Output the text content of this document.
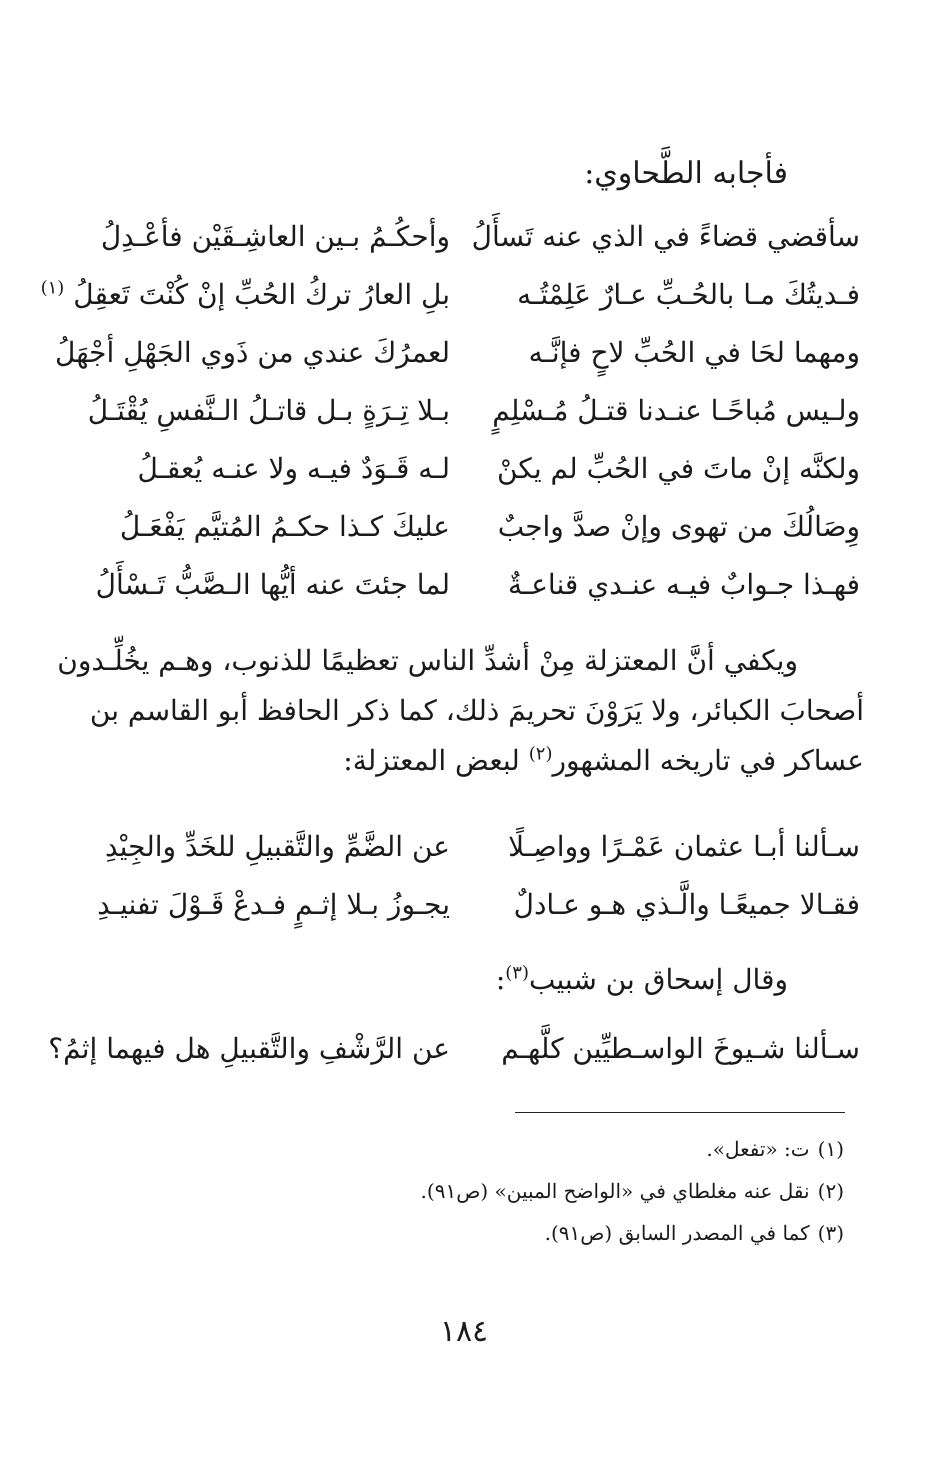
فأجابه الطَّحاوي:
سأقضي قضاءً في الذي عنه تَسأَلُ
وأحكُـمُ بـين العاشِـقَيْن فأعْـدِلُ
فـديتُكَ مـا بالحُـبِّ عـارٌ عَلِمْتُـه
بلِ العارُ تركُ الحُبِّ إنْ كُنْتَ تَعقِلُ $^{(١)}$
ومهما لحَا في الحُبِّ لاحٍ فإنَّـه
لعمرُكَ عندي من ذَوي الجَهْلِ أجْهَلُ
ولـيس مُباحًـا عنـدنا قتـلُ مُـسْلِمٍ
بـلا تِـرَةٍ بـل قاتـلُ الـنَّفسِ يُقْتَـلُ
ولكنَّه إنْ ماتَ في الحُبِّ لم يكنْ
لـه قَـوَدٌ فيـه ولا عنـه يُعقـلُ
وِصَالُكَ من تهوى وإنْ صدَّ واجبٌ
عليكَ كـذا حكـمُ المُتيَّم يَفْعَـلُ
فهـذا جـوابٌ فيـه عنـدي قناعـةٌ
لما جئتَ عنه أيُّها الـصَّبُّ تَـسْأَلُ

ويكفي أنَّ المعتزلة مِنْ أشدِّ الناس تعظيمًا للذنوب، وهـم يخُلِّـدون
أصحابَ الكبائر، ولا يَرَوْنَ تحريمَ ذلك، كما ذكر الحافظ أبو القاسم بن
عساكر في تاريخه المشهور$^{(٢)}$ لبعض المعتزلة:

سـألنا أبـا عثمان عَمْـرًا وواصِـلًا
عن الضَّمِّ والتَّقبيلِ للخَدِّ والجِيْدِ
فقـالا جميعًـا والَّـذي هـو عـادلٌ
يجـوزُ بـلا إثـمٍ فـدعْ قَـوْلَ تفنيـدِ
وقال إسحاق بن شبيب$^{(٣)}$:
سـألنا شـيوخَ الواسـطيِّين كلَّهـم
عن الرَّشْفِ والتَّقبيلِ هل فيهما إثمُ؟
(١)ت: «تفعل».
(٢)نقل عنه مغلطاي في «الواضح المبين» (ص٩١).
(٣)كما في المصدر السابق (ص٩١).
١٨٤
